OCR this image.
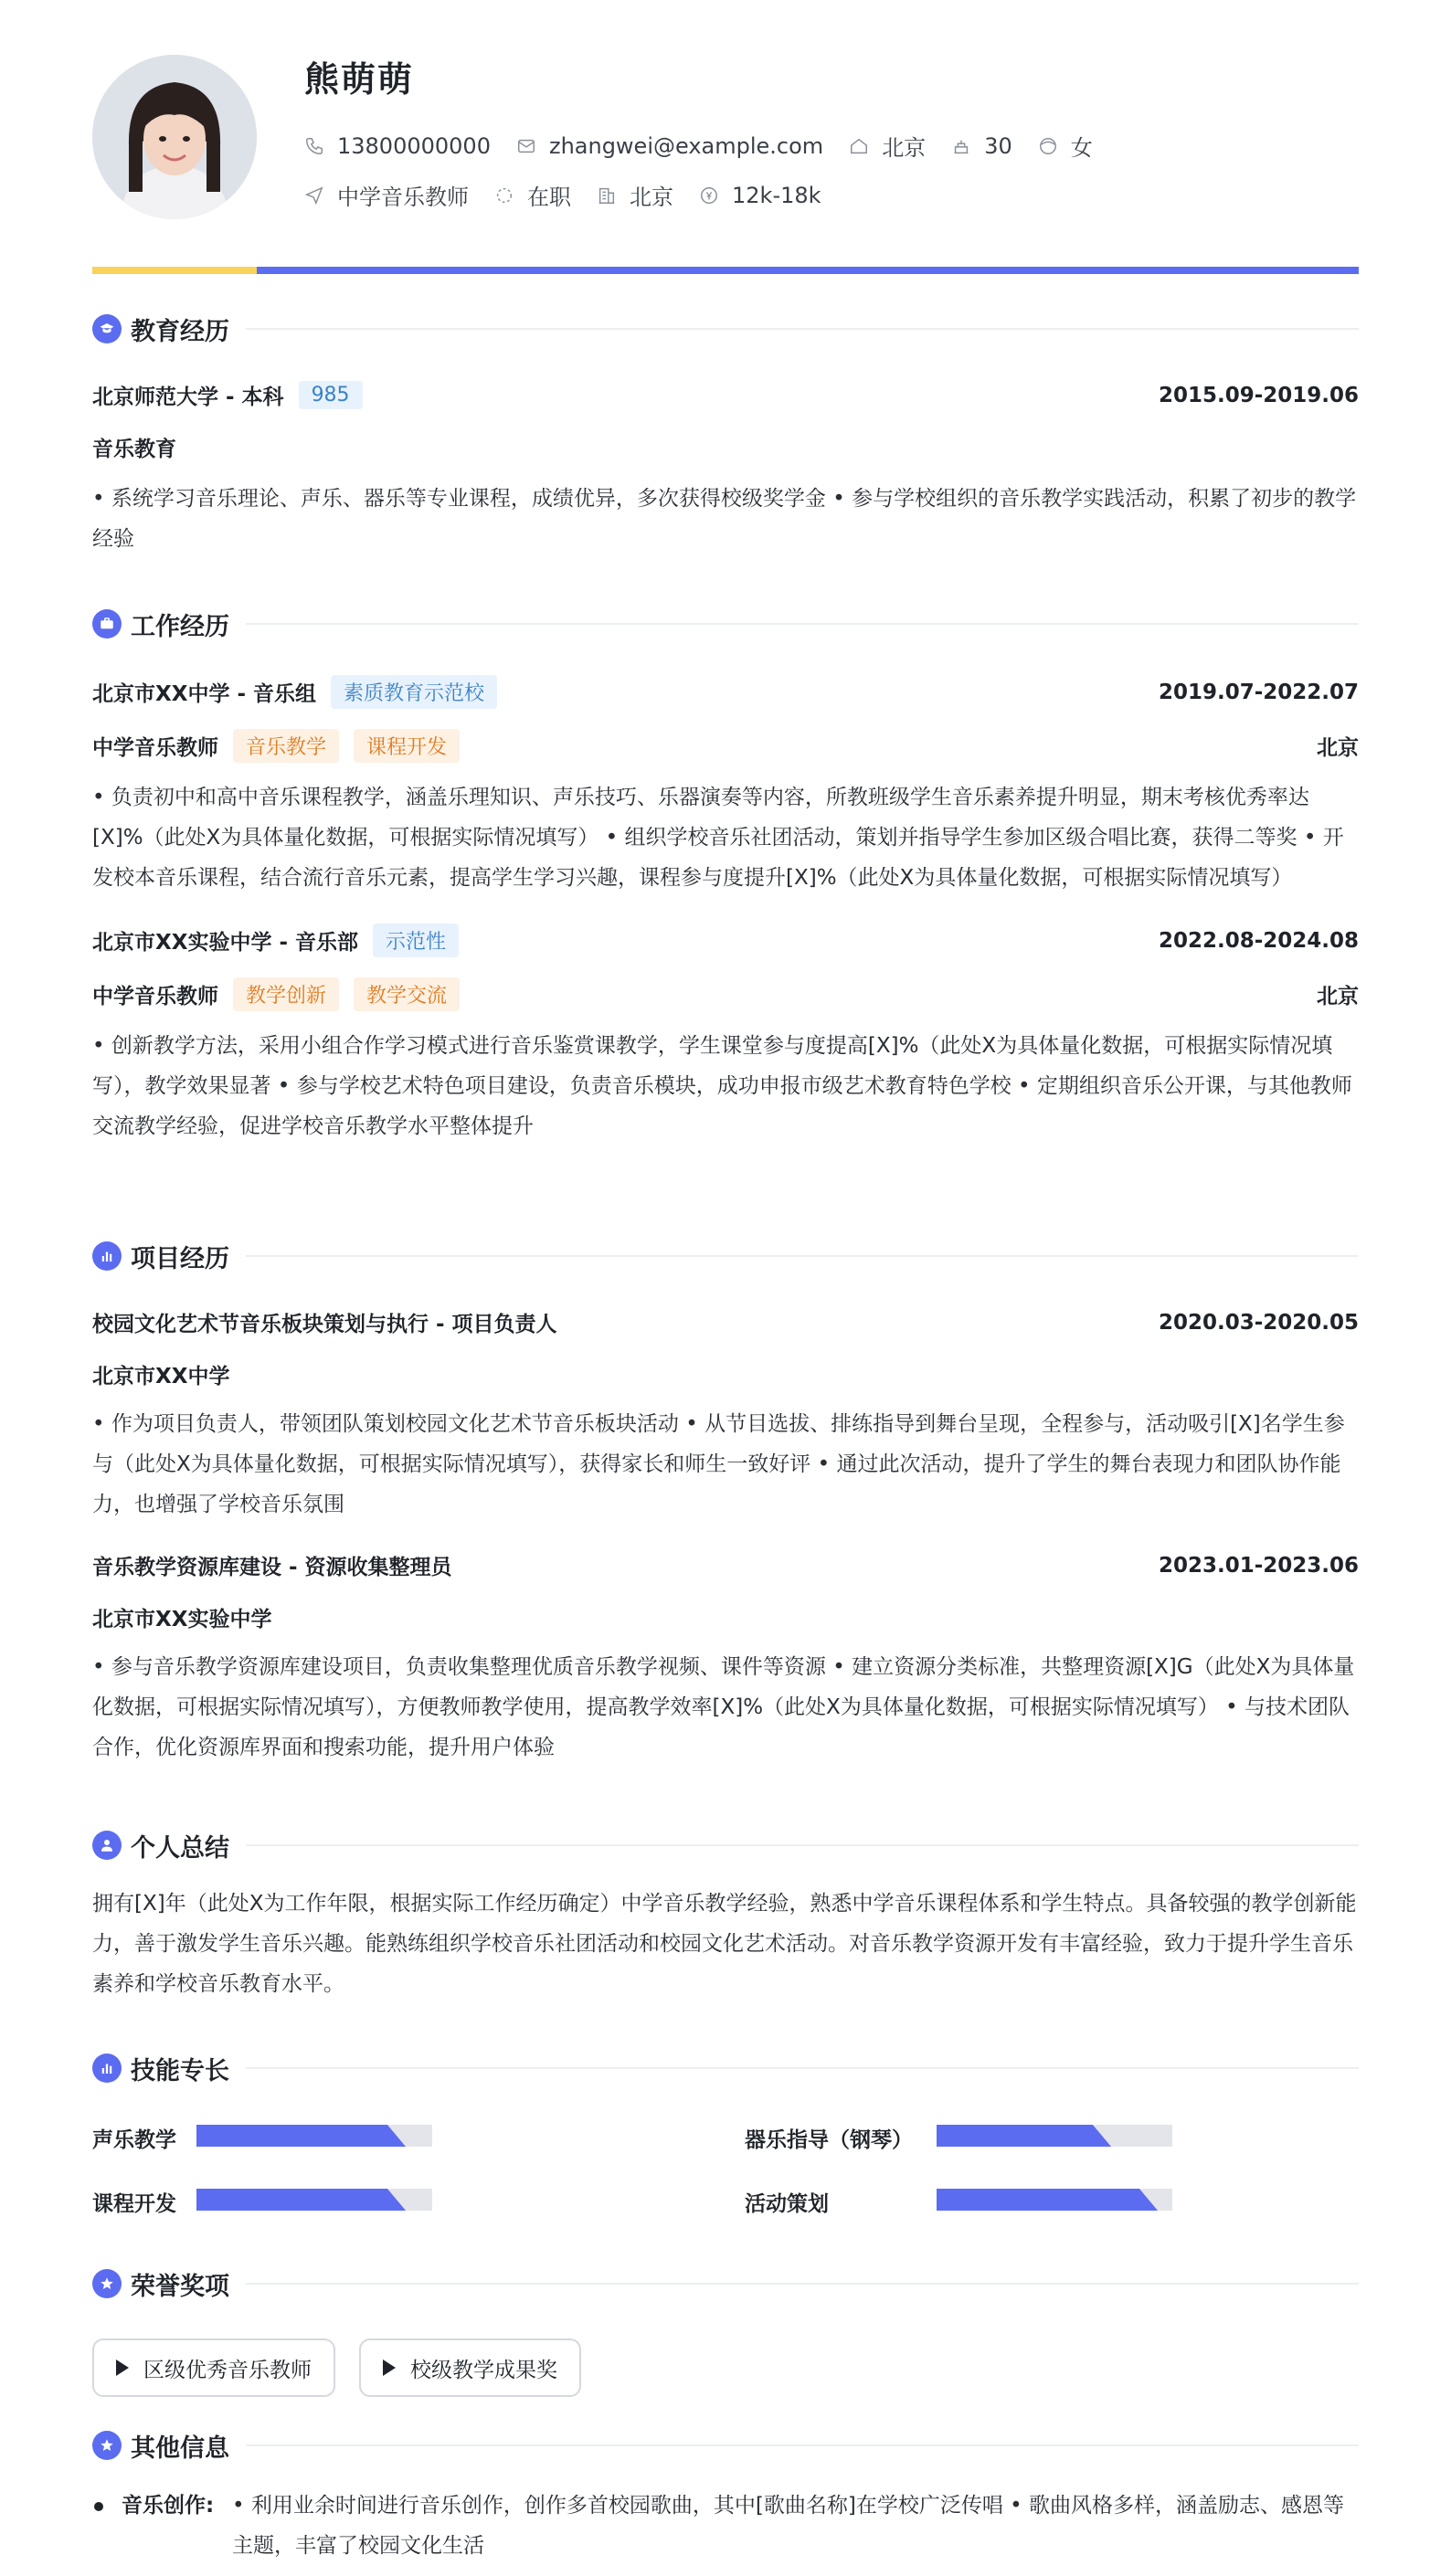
熊萌萌
13800000000	zhangwei@example.com	北京	30	女
中学音乐教师	在职	北京	12k-18k
教育经历
北京师范大学 - 本科	985	2015.09-2019.06
音乐教育
• 系统学习音乐理论、声乐、器乐等专业课程，成绩优异，多次获得校级奖学金 • 参与学校组织的音乐教学实践活动，积累了初步的教学经验
工作经历
北京市XX中学 - 音乐组	素质教育示范校	2019.07-2022.07
中学音乐教师	音乐教学	课程开发	北京
• 负责初中和高中音乐课程教学，涵盖乐理知识、声乐技巧、乐器演奏等内容，所教班级学生音乐素养提升明显，期末考核优秀率达[X]%（此处X为具体量化数据，可根据实际情况填写） • 组织学校音乐社团活动，策划并指导学生参加区级合唱比赛，获得二等奖 • 开发校本音乐课程，结合流行音乐元素，提高学生学习兴趣，课程参与度提升[X]%（此处X为具体量化数据，可根据实际情况填写）
北京市XX实验中学 - 音乐部	示范性	2022.08-2024.08
中学音乐教师	教学创新	教学交流	北京
• 创新教学方法，采用小组合作学习模式进行音乐鉴赏课教学，学生课堂参与度提高[X]%（此处X为具体量化数据，可根据实际情况填写），教学效果显著 • 参与学校艺术特色项目建设，负责音乐模块，成功申报市级艺术教育特色学校 • 定期组织音乐公开课，与其他教师交流教学经验，促进学校音乐教学水平整体提升
项目经历
校园文化艺术节音乐板块策划与执行 - 项目负责人	2020.03-2020.05
北京市XX中学
• 作为项目负责人，带领团队策划校园文化艺术节音乐板块活动 • 从节目选拔、排练指导到舞台呈现，全程参与，活动吸引[X]名学生参与（此处X为具体量化数据，可根据实际情况填写），获得家长和师生一致好评 • 通过此次活动，提升了学生的舞台表现力和团队协作能力，也增强了学校音乐氛围
音乐教学资源库建设 - 资源收集整理员	2023.01-2023.06
北京市XX实验中学
• 参与音乐教学资源库建设项目，负责收集整理优质音乐教学视频、课件等资源 • 建立资源分类标准，共整理资源[X]G（此处X为具体量化数据，可根据实际情况填写），方便教师教学使用，提高教学效率[X]%（此处X为具体量化数据，可根据实际情况填写） • 与技术团队合作，优化资源库界面和搜索功能，提升用户体验
个人总结
拥有[X]年（此处X为工作年限，根据实际工作经历确定）中学音乐教学经验，熟悉中学音乐课程体系和学生特点。具备较强的教学创新能力，善于激发学生音乐兴趣。能熟练组织学校音乐社团活动和校园文化艺术活动。对音乐教学资源开发有丰富经验，致力于提升学生音乐素养和学校音乐教育水平。
技能专长
声乐教学	器乐指导（钢琴）
课程开发	活动策划
荣誉奖项
区级优秀音乐教师	校级教学成果奖
其他信息
音乐创作: • 利用业余时间进行音乐创作，创作多首校园歌曲，其中[歌曲名称]在学校广泛传唱 • 歌曲风格多样，涵盖励志、感恩等主题，丰富了校园文化生活
